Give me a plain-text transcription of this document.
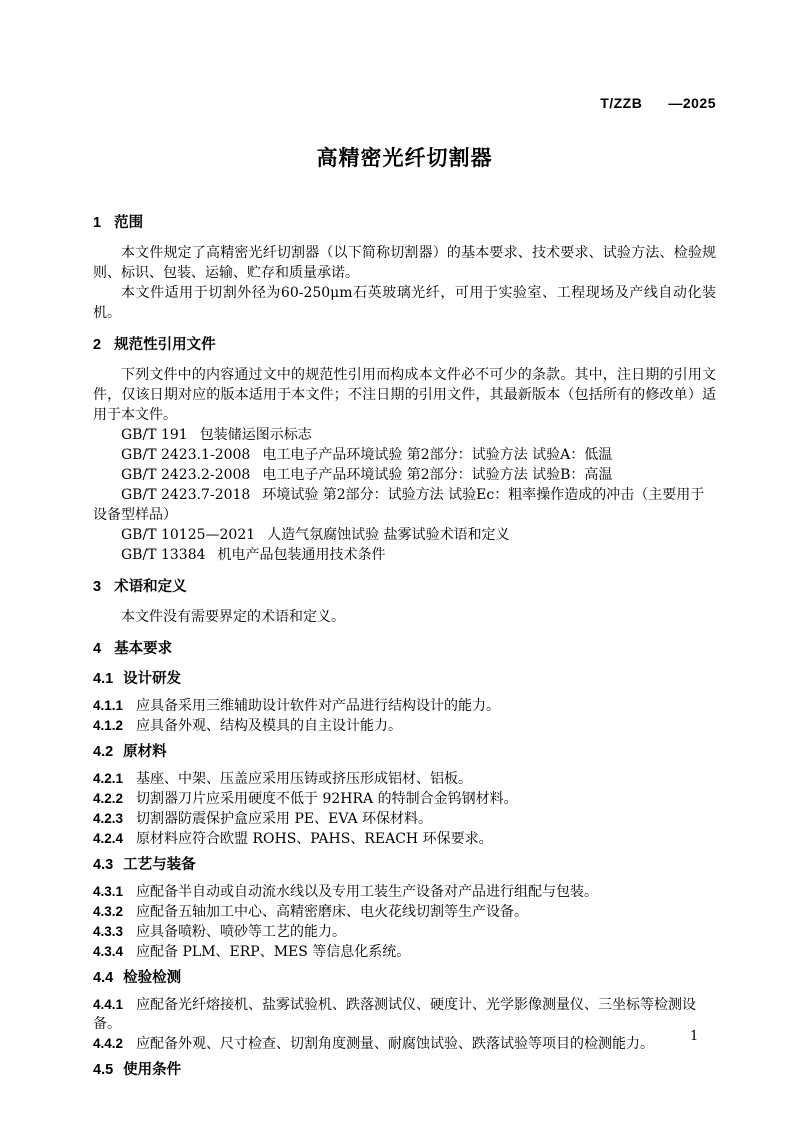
T/ZZB —2025
高精密光纤切割器
1 范围
本文件规定了高精密光纤切割器（以下简称切割器）的基本要求、技术要求、试验方法、检验规则、标识、包装、运输、贮存和质量承诺。
本文件适用于切割外径为60-250μm石英玻璃光纤，可用于实验室、工程现场及产线自动化装机。
2 规范性引用文件
下列文件中的内容通过文中的规范性引用而构成本文件必不可少的条款。其中，注日期的引用文件，仅该日期对应的版本适用于本文件；不注日期的引用文件，其最新版本（包括所有的修改单）适用于本文件。
GB/T 191 包装储运图示标志
GB/T 2423.1-2008 电工电子产品环境试验 第2部分：试验方法 试验A：低温
GB/T 2423.2-2008 电工电子产品环境试验 第2部分：试验方法 试验B：高温
GB/T 2423.7-2018 环境试验 第2部分：试验方法 试验Ec：粗率操作造成的冲击（主要用于设备型样品）
GB/T 10125—2021 人造气氛腐蚀试验 盐雾试验术语和定义
GB/T 13384 机电产品包装通用技术条件
3 术语和定义
本文件没有需要界定的术语和定义。
4 基本要求
4.1 设计研发
4.1.1 应具备采用三维辅助设计软件对产品进行结构设计的能力。
4.1.2 应具备外观、结构及模具的自主设计能力。
4.2 原材料
4.2.1 基座、中架、压盖应采用压铸或挤压形成铝材、铝板。
4.2.2 切割器刀片应采用硬度不低于 92HRA 的特制合金钨钢材料。
4.2.3 切割器防震保护盒应采用 PE、EVA 环保材料。
4.2.4 原材料应符合欧盟 ROHS、PAHS、REACH 环保要求。
4.3 工艺与装备
4.3.1 应配备半自动或自动流水线以及专用工装生产设备对产品进行组配与包装。
4.3.2 应配备五轴加工中心、高精密磨床、电火花线切割等生产设备。
4.3.3 应具备喷粉、喷砂等工艺的能力。
4.3.4 应配备 PLM、ERP、MES 等信息化系统。
4.4 检验检测
4.4.1 应配备光纤熔接机、盐雾试验机、跌落测试仪、硬度计、光学影像测量仪、三坐标等检测设备。
4.4.2 应配备外观、尺寸检查、切割角度测量、耐腐蚀试验、跌落试验等项目的检测能力。
4.5 使用条件
1
